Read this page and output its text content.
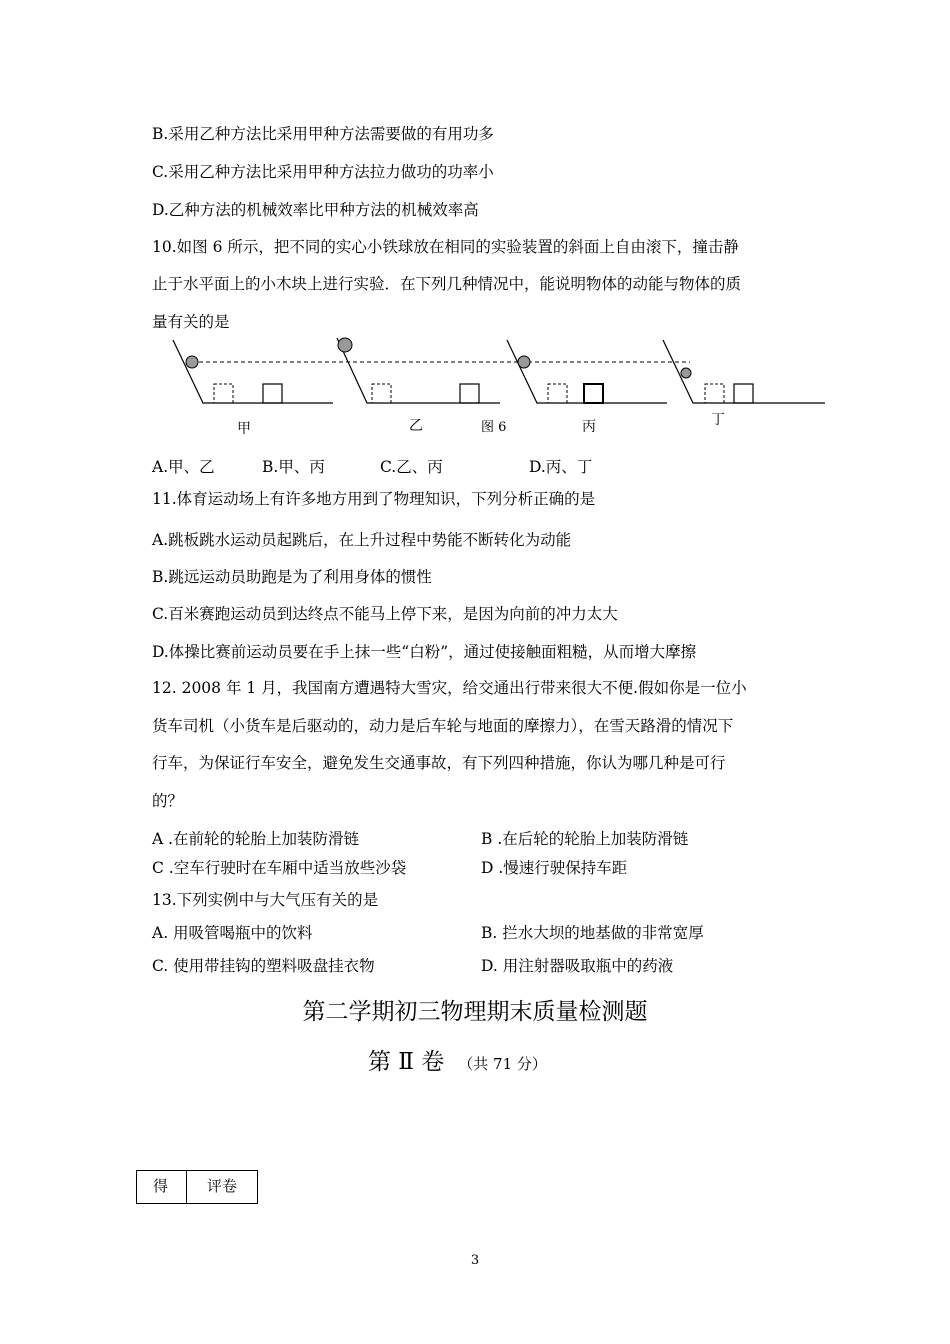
B.采用乙种方法比采用甲种方法需要做的有用功多
C.采用乙种方法比采用甲种方法拉力做功的功率小
D.乙种方法的机械效率比甲种方法的机械效率高
10.如图 6 所示，把不同的实心小铁球放在相同的实验装置的斜面上自由滚下，撞击静
止于水平面上的小木块上进行实验．在下列几种情况中，能说明物体的动能与物体的质
量有关的是
甲	乙	图 6	丙	丁
A.甲、乙	B.甲、丙	C.乙、丙	D.丙、丁
11.体育运动场上有许多地方用到了物理知识，下列分析正确的是
A.跳板跳水运动员起跳后，在上升过程中势能不断转化为动能
B.跳远运动员助跑是为了利用身体的惯性
C.百米赛跑运动员到达终点不能马上停下来，是因为向前的冲力太大
D.体操比赛前运动员要在手上抹一些“白粉”，通过使接触面粗糙，从而增大摩擦
12. 2008 年 1 月，我国南方遭遇特大雪灾，给交通出行带来很大不便.假如你是一位小
货车司机（小货车是后驱动的，动力是后车轮与地面的摩擦力），在雪天路滑的情况下
行车，为保证行车安全，避免发生交通事故，有下列四种措施，你认为哪几种是可行
的？
A .在前轮的轮胎上加装防滑链	B .在后轮的轮胎上加装防滑链
C .空车行驶时在车厢中适当放些沙袋	D .慢速行驶保持车距
13.下列实例中与大气压有关的是
A. 用吸管喝瓶中的饮料	B. 拦水大坝的地基做的非常宽厚
C. 使用带挂钩的塑料吸盘挂衣物	D. 用注射器吸取瓶中的药液
第二学期初三物理期末质量检测题
第 Ⅱ 卷 （共 71 分）
得	评卷
3
